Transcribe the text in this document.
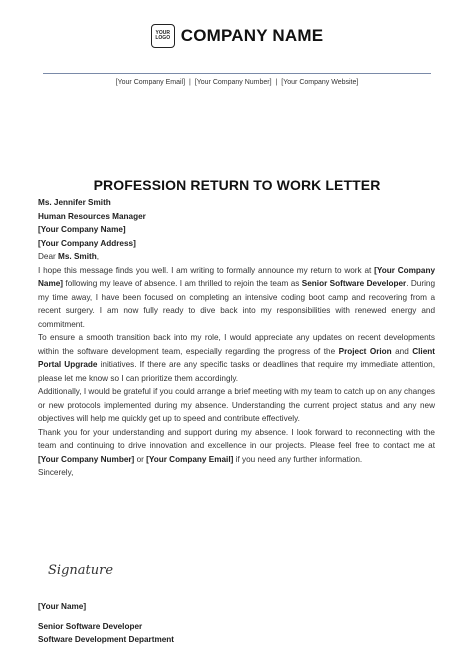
YOUR
LOGO COMPANY NAME
[Your Company Email] | [Your Company Number] | [Your Company Website]
PROFESSION RETURN TO WORK LETTER
Ms. Jennifer Smith
Human Resources Manager
[Your Company Name]
[Your Company Address]
Dear Ms. Smith,

I hope this message finds you well. I am writing to formally announce my return to work at [Your Company Name] following my leave of absence. I am thrilled to rejoin the team as Senior Software Developer. During my time away, I have been focused on completing an intensive coding boot camp and recovering from a recent surgery. I am now fully ready to dive back into my responsibilities with renewed energy and commitment.

To ensure a smooth transition back into my role, I would appreciate any updates on recent developments within the software development team, especially regarding the progress of the Project Orion and Client Portal Upgrade initiatives. If there are any specific tasks or deadlines that require my immediate attention, please let me know so I can prioritize them accordingly.

Additionally, I would be grateful if you could arrange a brief meeting with my team to catch up on any changes or new protocols implemented during my absence. Understanding the current project status and any new objectives will help me quickly get up to speed and contribute effectively.

Thank you for your understanding and support during my absence. I look forward to reconnecting with the team and continuing to drive innovation and excellence in our projects. Please feel free to contact me at [Your Company Number] or [Your Company Email] if you need any further information.

Sincerely,
Signature
[Your Name]
Senior Software Developer
Software Development Department
